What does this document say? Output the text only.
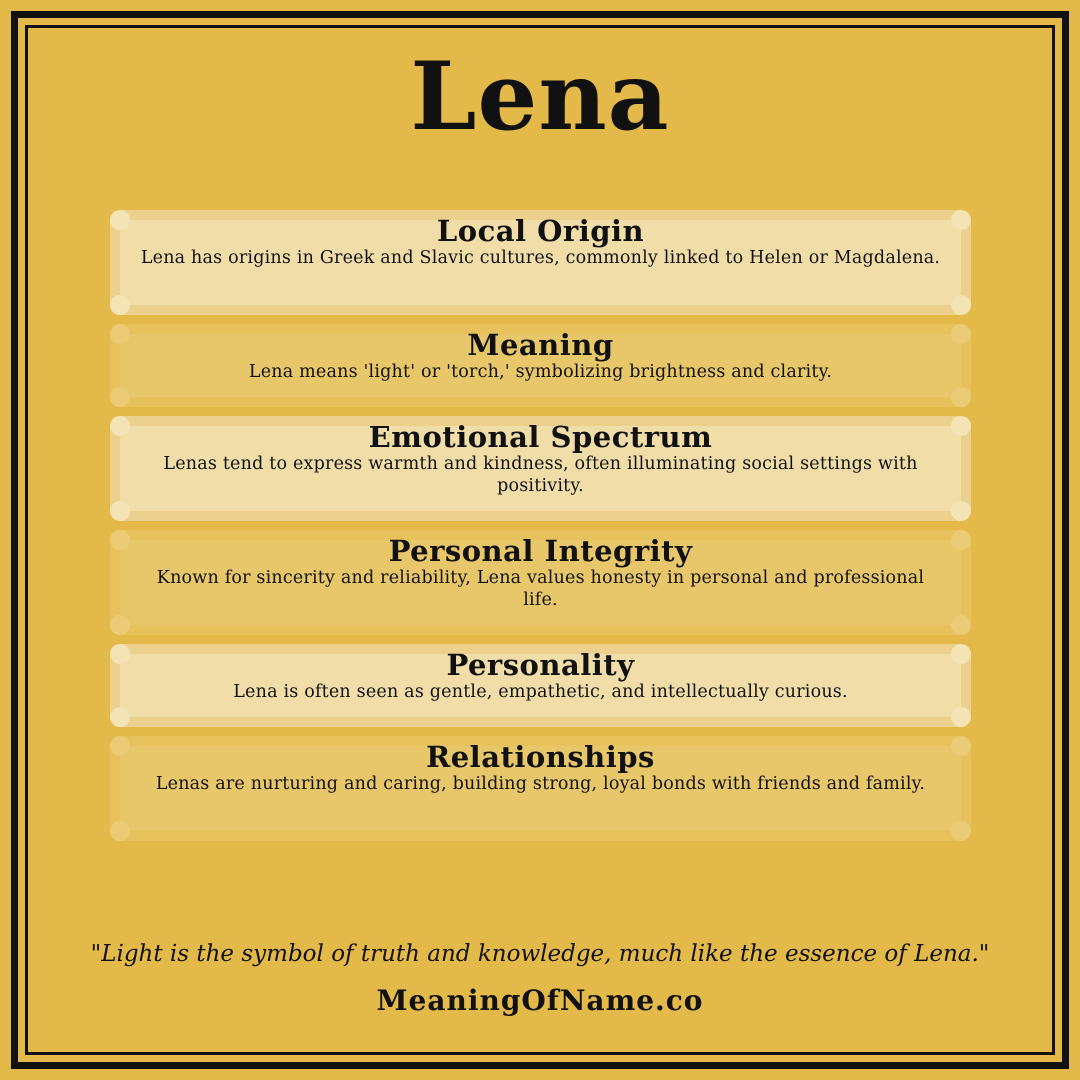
Lena
Local Origin

Lena has origins in Greek and Slavic cultures, commonly linked to Helen or Magdalena.

Meaning

Lena means 'light' or 'torch,' symbolizing brightness and clarity.

Emotional Spectrum

Lenas tend to express warmth and kindness, often illuminating social settings with positivity.

Personal Integrity

Known for sincerity and reliability, Lena values honesty in personal and professional life.

Personality

Lena is often seen as gentle, empathetic, and intellectually curious.

Relationships

Lenas are nurturing and caring, building strong, loyal bonds with friends and family.

"Light is the symbol of truth and knowledge, much like the essence of Lena."
MeaningOfName.co
